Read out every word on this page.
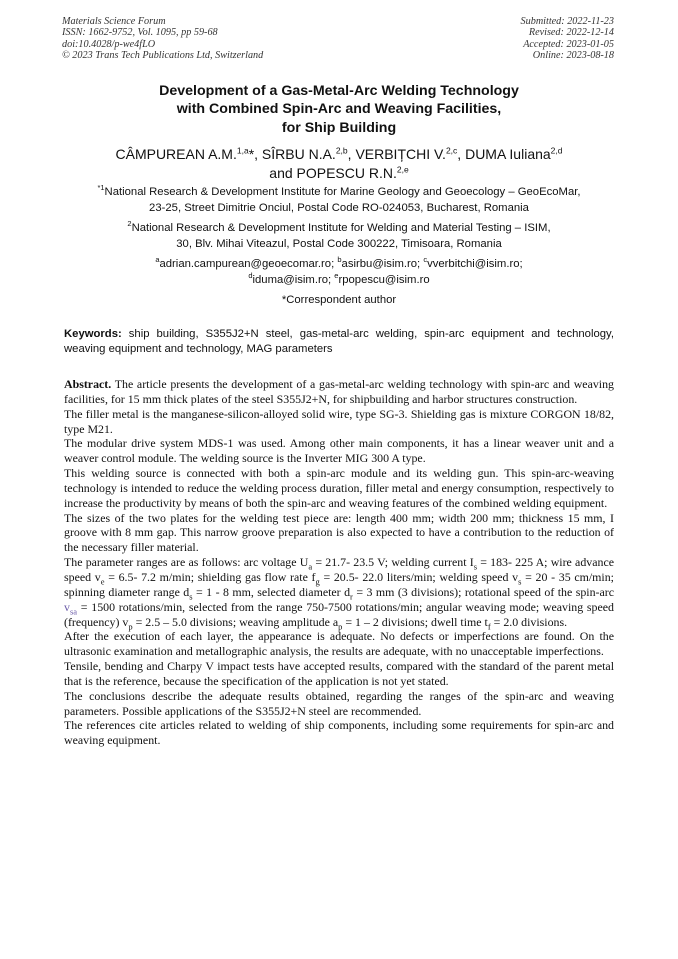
Materials Science Forum
ISSN: 1662-9752, Vol. 1095, pp 59-68
doi:10.4028/p-we4fLO
© 2023 Trans Tech Publications Ltd, Switzerland
Submitted: 2022-11-23
Revised: 2022-12-14
Accepted: 2023-01-05
Online: 2023-08-18
Development of a Gas-Metal-Arc Welding Technology
with Combined Spin-Arc and Weaving Facilities,
for Ship Building
CÂMPUREAN A.M.$^{1,a}$*, SÎRBU N.A.$^{2,b}$, VERBIȚCHI V.$^{2,c}$, DUMA Iuliana$^{2,d}$
and POPESCU R.N.$^{2,e}$
$^{*1}$National Research & Development Institute for Marine Geology and Geoecology – GeoEcoMar,
23-25, Street Dimitrie Onciul, Postal Code RO-024053, Bucharest, Romania
$^2$National Research & Development Institute for Welding and Material Testing – ISIM,
30, Blv. Mihai Viteazul, Postal Code 300222, Timisoara, Romania
$^a$adrian.campurean@geoecomar.ro; $^b$asirbu@isim.ro; $^c$vverbitchi@isim.ro;
$^d$iduma@isim.ro; $^e$rpopescu@isim.ro
*Correspondent author
Keywords: ship building, S355J2+N steel, gas-metal-arc welding, spin-arc equipment and technology, weaving equipment and technology, MAG parameters

Abstract. The article presents the development of a gas-metal-arc welding technology with spin-arc and weaving facilities, for 15 mm thick plates of the steel S355J2+N, for shipbuilding and harbor structures construction.

The filler metal is the manganese-silicon-alloyed solid wire, type SG-3. Shielding gas is mixture CORGON 18/82, type M21.

The modular drive system MDS-1 was used. Among other main components, it has a linear weaver unit and a weaver control module. The welding source is the Inverter MIG 300 A type.

This welding source is connected with both a spin-arc module and its welding gun. This spin-arc-weaving technology is intended to reduce the welding process duration, filler metal and energy consumption, respectively to increase the productivity by means of both the spin-arc and weaving features of the combined welding equipment.

The sizes of the two plates for the welding test piece are: length 400 mm; width 200 mm; thickness 15 mm, I groove with 8 mm gap. This narrow groove preparation is also expected to have a contribution to the reduction of the necessary filler material.

The parameter ranges are as follows: arc voltage $U_a = 21.7-$ 23.5 V; welding current $I_s = 183-$ 225 A; wire advance speed $v_e = 6.5-$ 7.2 m/min; shielding gas flow rate $f_g = 20.5-$ 22.0 liters/min; welding speed $v_s = 20 - 35$ cm/min; spinning diameter range $d_s = 1 - 8$ mm, selected diameter $d_r = 3$ mm (3 divisions); rotational speed of the spin-arc $v_{sa} = 1500$ rotations/min, selected from the range 750-7500 rotations/min; angular weaving mode; weaving speed (frequency) $v_p = 2.5 - 5.0$ divisions; weaving amplitude $a_p = 1 - 2$ divisions; dwell time $t_f = 2.0$ divisions.

After the execution of each layer, the appearance is adequate. No defects or imperfections are found. On the ultrasonic examination and metallographic analysis, the results are adequate, with no unacceptable imperfections.

Tensile, bending and Charpy V impact tests have accepted results, compared with the standard of the parent metal that is the reference, because the specification of the application is not yet stated.

The conclusions describe the adequate results obtained, regarding the ranges of the spin-arc and weaving parameters. Possible applications of the S355J2+N steel are recommended.

The references cite articles related to welding of ship components, including some requirements for spin-arc and weaving equipment.
